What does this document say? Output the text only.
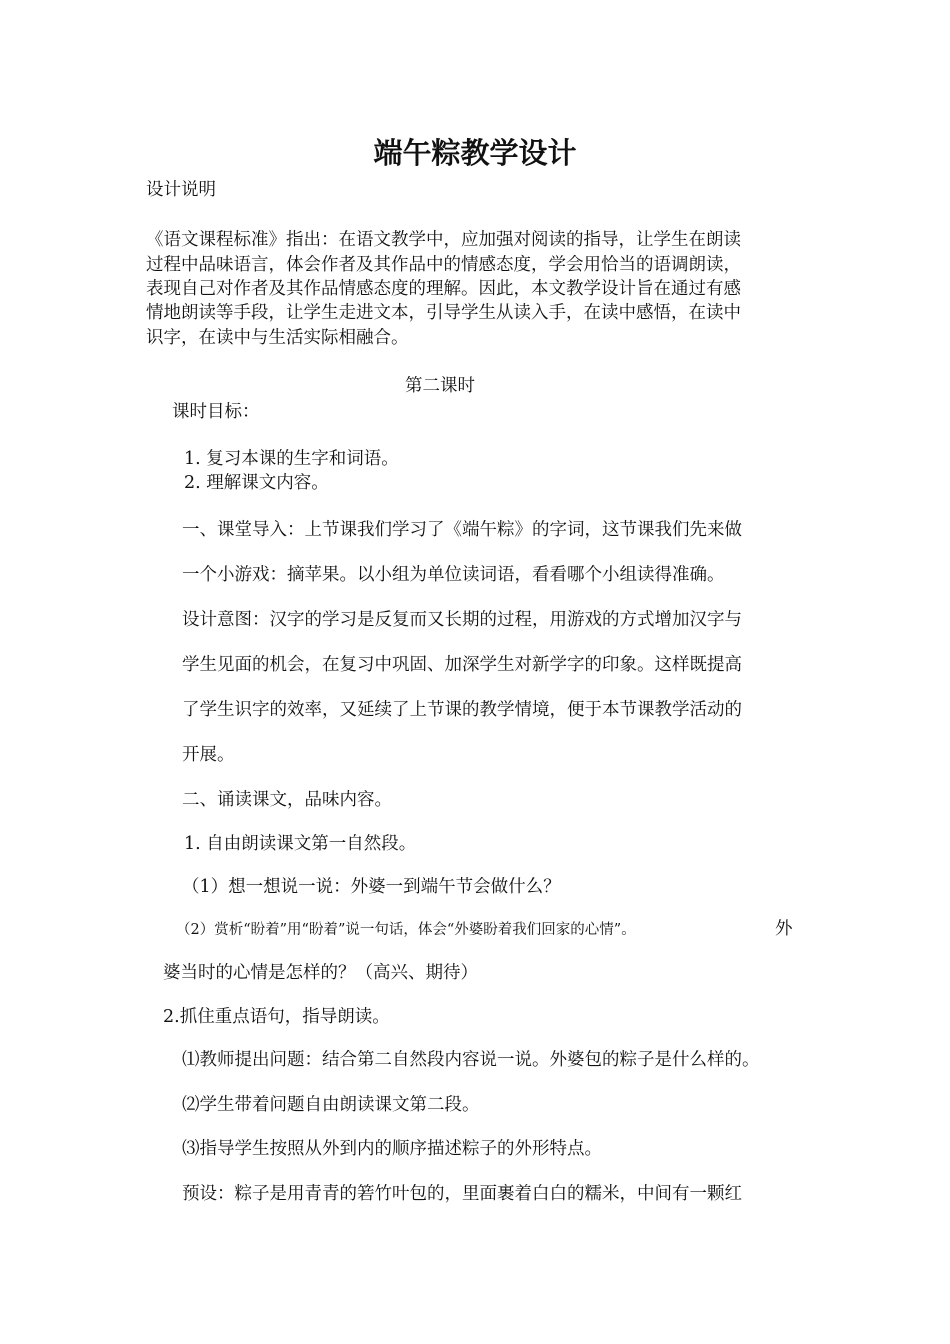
端午粽教学设计
设计说明
《语文课程标准》指出：在语文教学中，应加强对阅读的指导，让学生在朗读
过程中品味语言，体会作者及其作品中的情感态度，学会用恰当的语调朗读，
表现自己对作者及其作品情感态度的理解。因此，本文教学设计旨在通过有感
情地朗读等手段，让学生走进文本，引导学生从读入手，在读中感悟，在读中
识字，在读中与生活实际相融合。
第二课时
课时目标：
1. 复习本课的生字和词语。
2. 理解课文内容。
一、课堂导入：上节课我们学习了《端午粽》的字词，这节课我们先来做
一个小游戏：摘苹果。以小组为单位读词语，看看哪个小组读得准确。
设计意图：汉字的学习是反复而又长期的过程，用游戏的方式增加汉字与
学生见面的机会，在复习中巩固、加深学生对新学字的印象。这样既提高
了学生识字的效率，又延续了上节课的教学情境，便于本节课教学活动的
开展。
二、诵读课文，品味内容。
1. 自由朗读课文第一自然段。
（1）想一想说一说：外婆一到端午节会做什么？
（2）赏析“盼着”用“盼着”说一句话，体会“外婆盼着我们回家的心情”。	外
婆当时的心情是怎样的？（高兴、期待）
2.抓住重点语句，指导朗读。
⑴教师提出问题：结合第二自然段内容说一说。外婆包的粽子是什么样的。
⑵学生带着问题自由朗读课文第二段。
⑶指导学生按照从外到内的顺序描述粽子的外形特点。
预设：粽子是用青青的箬竹叶包的，里面裹着白白的糯米，中间有一颗红
